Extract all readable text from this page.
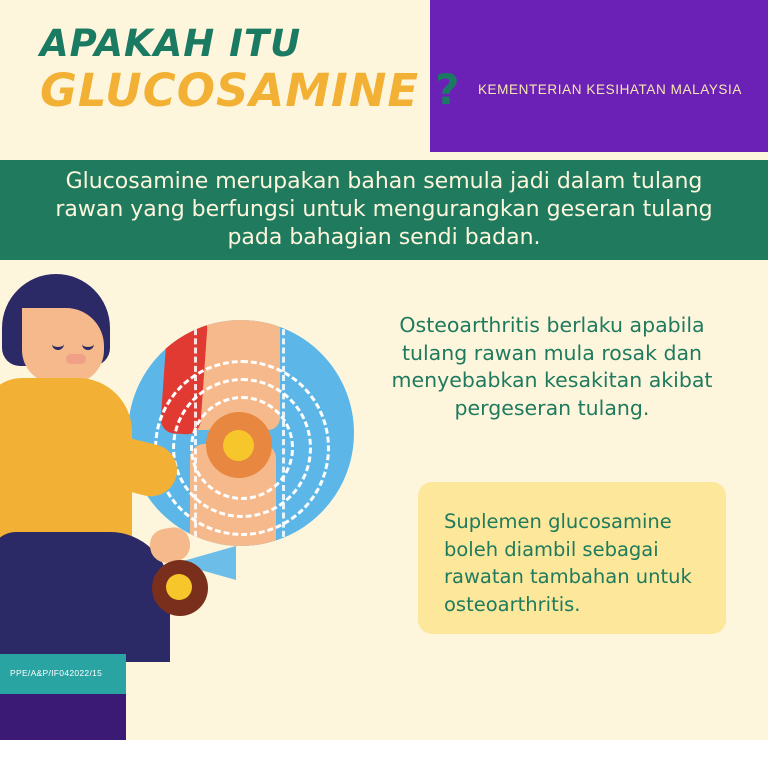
KEMENTERIAN KESIHATAN MALAYSIA
APAKAH ITU
GLUCOSAMINE ?

Glucosamine merupakan bahan semula jadi dalam tulang rawan yang berfungsi untuk mengurangkan geseran tulang pada bahagian sendi badan.

Osteoarthritis berlaku apabila tulang rawan mula rosak dan menyebabkan kesakitan akibat pergeseran tulang.

Suplemen glucosamine boleh diambil sebagai rawatan tambahan untuk osteoarthritis.

PPE/A&P/IF042022/15
